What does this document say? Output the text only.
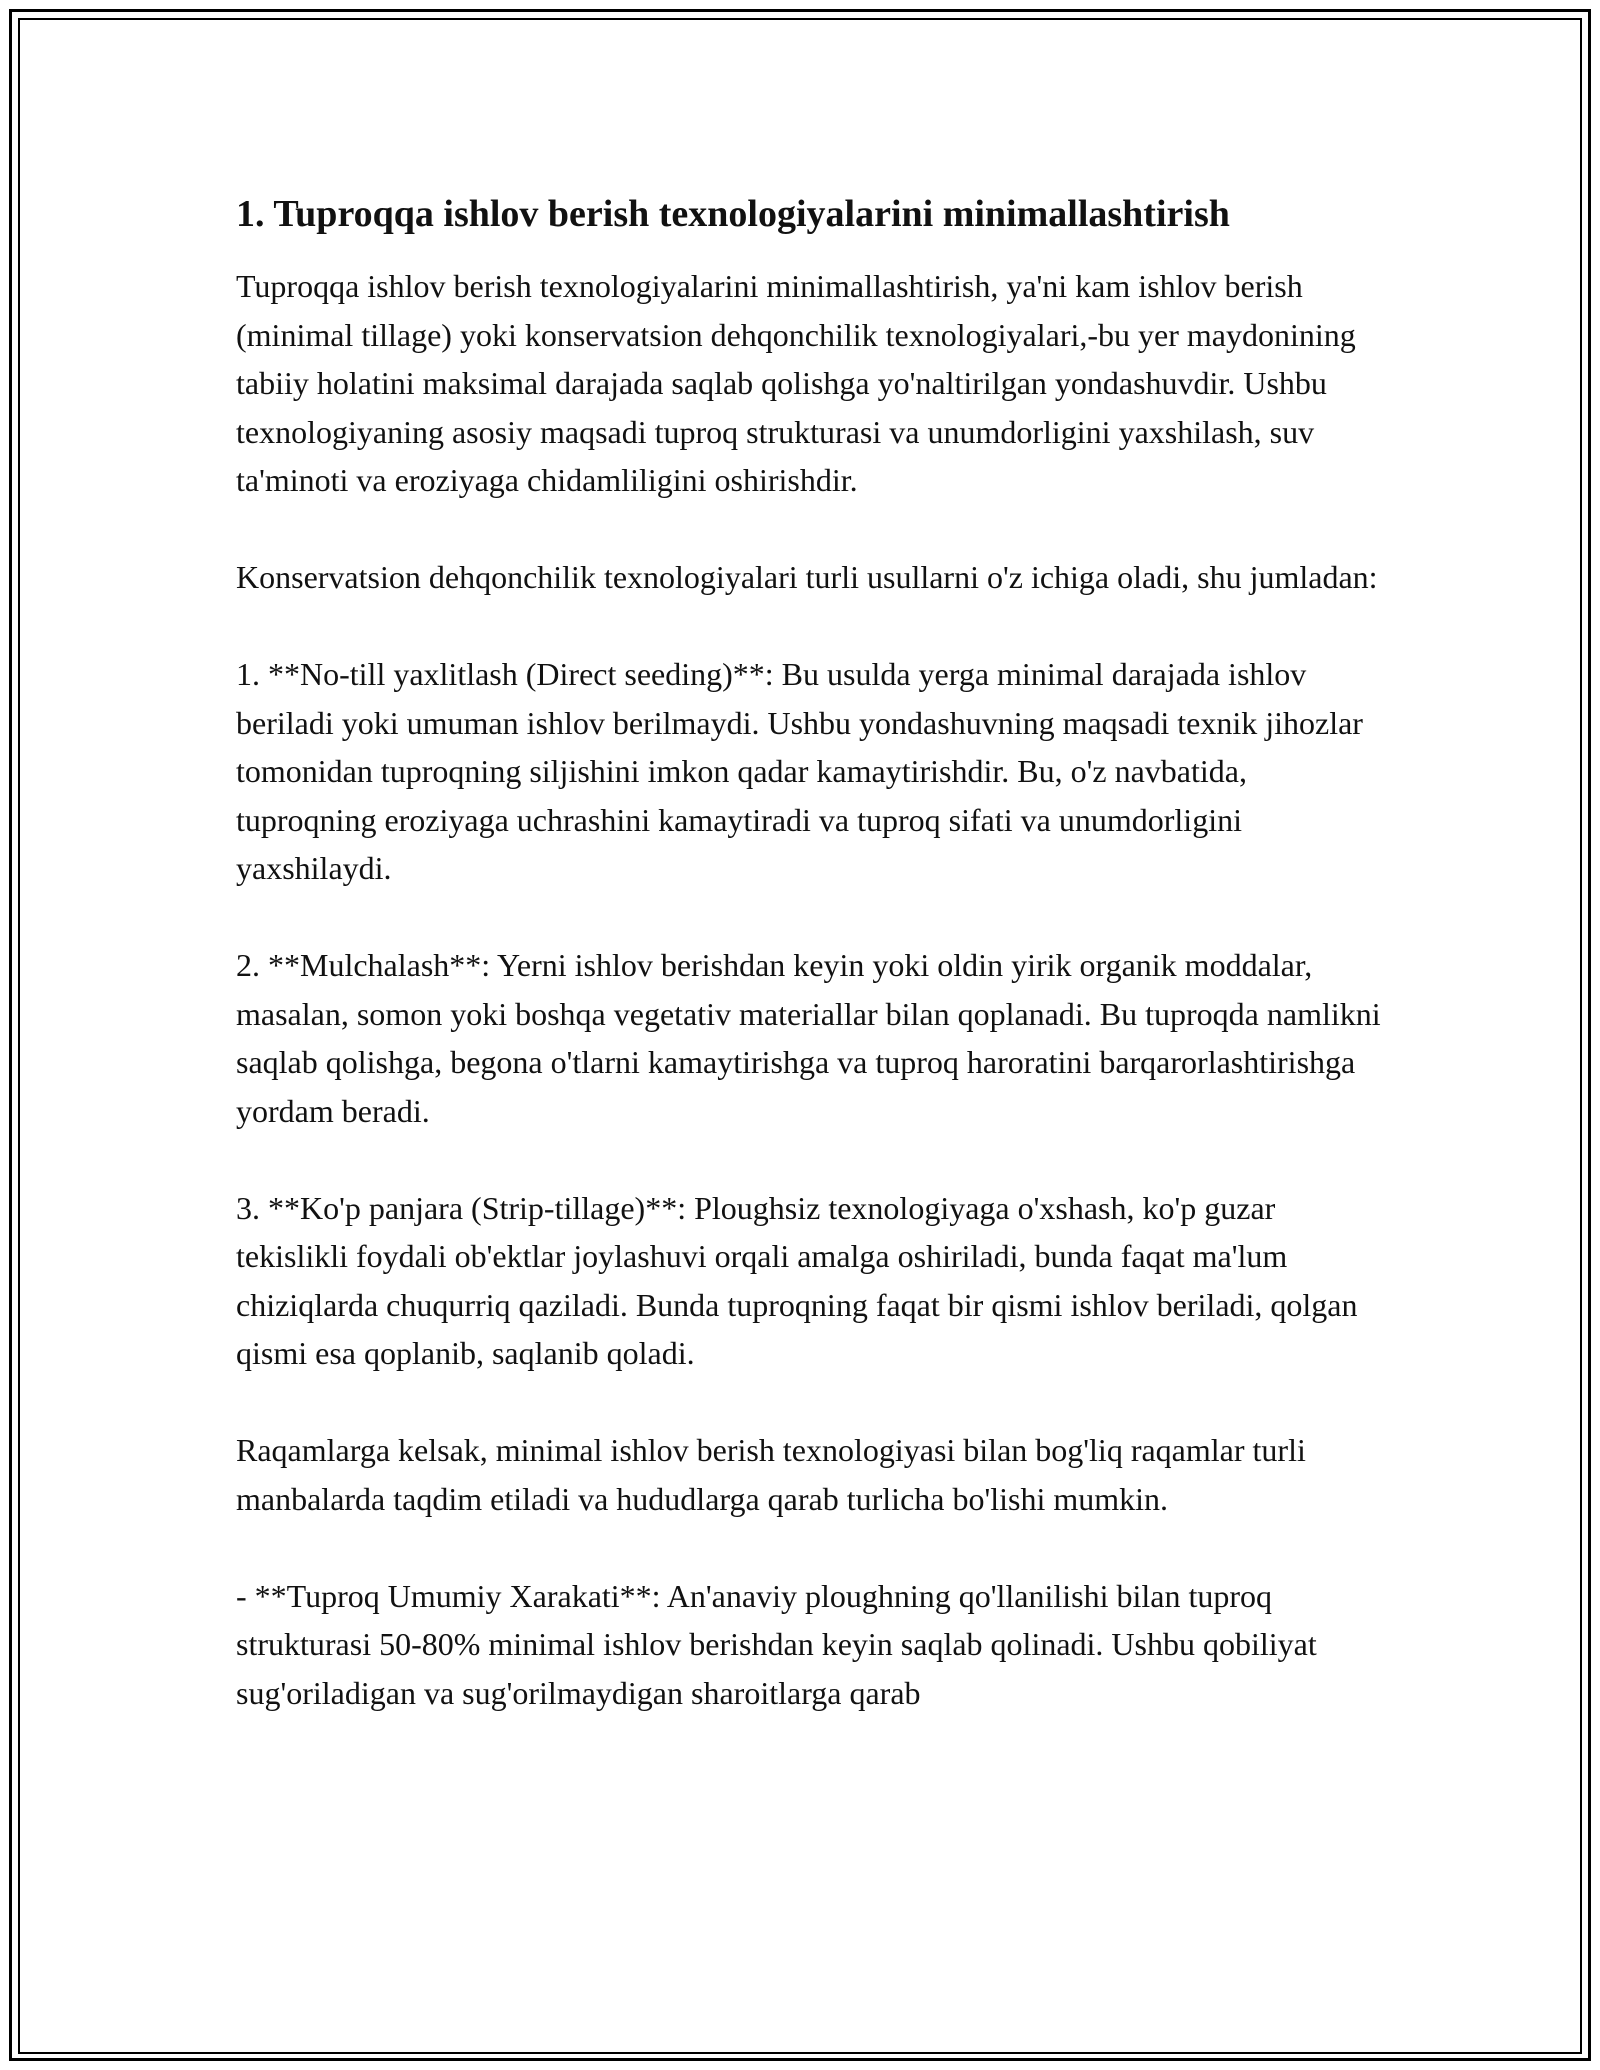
1. Tuproqqa ishlov berish texnologiyalarini minimallashtirish

Tuproqqa ishlov berish texnologiyalarini minimallashtirish, ya'ni kam ishlov berish (minimal tillage) yoki konservatsion dehqonchilik texnologiyalari,-bu yer maydonining tabiiy holatini maksimal darajada saqlab qolishga yo'naltirilgan yondashuvdir. Ushbu texnologiyaning asosiy maqsadi tuproq strukturasi va unumdorligini yaxshilash, suv ta'minoti va eroziyaga chidamliligini oshirishdir.

Konservatsion dehqonchilik texnologiyalari turli usullarni o'z ichiga oladi, shu jumladan:

1. **No-till yaxlitlash (Direct seeding)**: Bu usulda yerga minimal darajada ishlov beriladi yoki umuman ishlov berilmaydi. Ushbu yondashuvning maqsadi texnik jihozlar tomonidan tuproqning siljishini imkon qadar kamaytirishdir. Bu, o'z navbatida, tuproqning eroziyaga uchrashini kamaytiradi va tuproq sifati va unumdorligini yaxshilaydi.

2. **Mulchalash**: Yerni ishlov berishdan keyin yoki oldin yirik organik moddalar, masalan, somon yoki boshqa vegetativ materiallar bilan qoplanadi. Bu tuproqda namlikni saqlab qolishga, begona o'tlarni kamaytirishga va tuproq haroratini barqarorlashtirishga yordam beradi.

3. **Ko'p panjara (Strip-tillage)**: Ploughsiz texnologiyaga o'xshash, ko'p guzar tekislikli foydali ob'ektlar joylashuvi orqali amalga oshiriladi, bunda faqat ma'lum chiziqlarda chuqurriq qaziladi. Bunda tuproqning faqat bir qismi ishlov beriladi, qolgan qismi esa qoplanib, saqlanib qoladi.

Raqamlarga kelsak, minimal ishlov berish texnologiyasi bilan bog'liq raqamlar turli manbalarda taqdim etiladi va hududlarga qarab turlicha bo'lishi mumkin.

- **Tuproq Umumiy Xarakati**: An'anaviy ploughning qo'llanilishi bilan tuproq strukturasi 50-80% minimal ishlov berishdan keyin saqlab qolinadi. Ushbu qobiliyat sug'oriladigan va sug'orilmaydigan sharoitlarga qarab
